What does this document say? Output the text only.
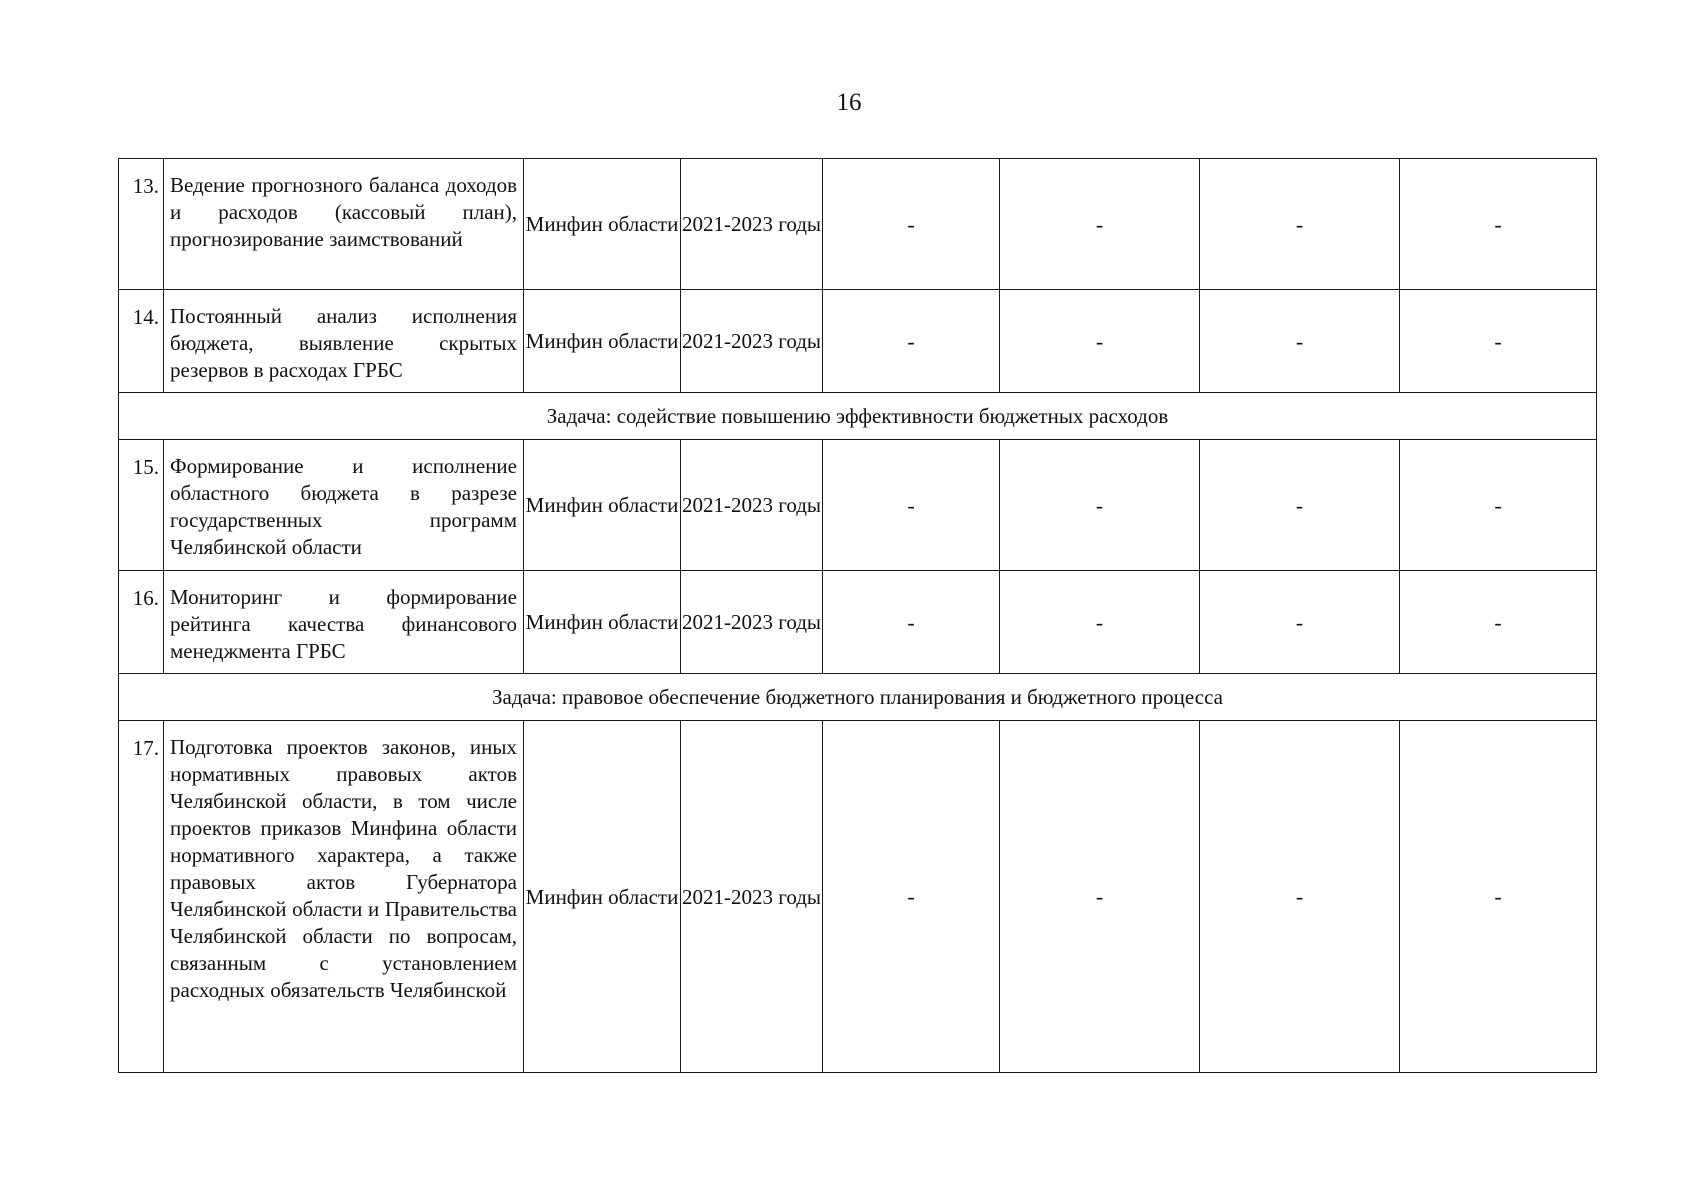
16
13.	Ведение прогнозного баланса доходов и расходов (кассовый план), прогнозирование заимствований	Минфин области	2021-2023 годы	-	-	-	-
14.	Постоянный анализ исполнения бюджета, выявление скрытых резервов в расходах ГРБС	Минфин области	2021-2023 годы	-	-	-	-
Задача: содействие повышению эффективности бюджетных расходов							
15.	Формирование и исполнение областного бюджета в разрезе государственных программ Челябинской области	Минфин области	2021-2023 годы	-	-	-	-
16.	Мониторинг и формирование рейтинга качества финансового менеджмента ГРБС	Минфин области	2021-2023 годы	-	-	-	-
Задача: правовое обеспечение бюджетного планирования и бюджетного процесса							
17.	Подготовка проектов законов, иных нормативных правовых актов Челябинской области, в том числе проектов приказов Минфина области нормативного характера, а также правовых актов Губернатора Челябинской области и Правительства Челябинской области по вопросам, связанным с установлением расходных обязательств Челябинской	Минфин области	2021-2023 годы	-	-	-	-
